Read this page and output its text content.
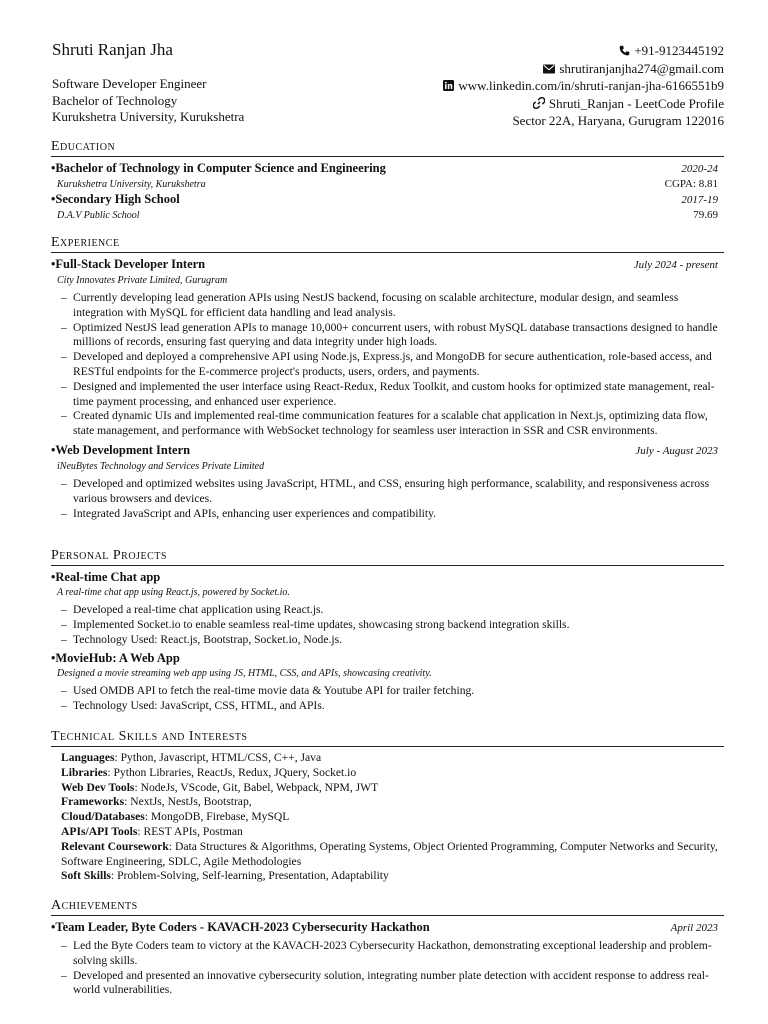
Shruti Ranjan Jha
Software Developer Engineer
Bachelor of Technology
Kurukshetra University, Kurukshetra
+91-9123445192
shrutiranjanjha274@gmail.com
www.linkedin.com/in/shruti-ranjan-jha-6166551b9
Shruti_Ranjan - LeetCode Profile
Sector 22A, Haryana, Gurugram 122016
Education
•Bachelor of Technology in Computer Science and Engineering	2020-24
Kurukshetra University, Kurukshetra	CGPA: 8.81
•Secondary High School	2017-19
D.A.V Public School	79.69
Experience
•Full-Stack Developer Intern	July 2024 - present
City Innovates Private Limited, Gurugram
– Currently developing lead generation APIs using NestJS backend, focusing on scalable architecture, modular design, and seamless integration with MySQL for efficient data handling and lead analysis.
– Optimized NestJS lead generation APIs to manage 10,000+ concurrent users, with robust MySQL database transactions designed to handle millions of records, ensuring fast querying and data integrity under high loads.
– Developed and deployed a comprehensive API using Node.js, Express.js, and MongoDB for secure authentication, role-based access, and RESTful endpoints for the E-commerce project's products, users, orders, and payments.
– Designed and implemented the user interface using React-Redux, Redux Toolkit, and custom hooks for optimized state management, real-time payment processing, and enhanced user experience.
– Created dynamic UIs and implemented real-time communication features for a scalable chat application in Next.js, optimizing data flow, state management, and performance with WebSocket technology for seamless user interaction in SSR and CSR environments.
•Web Development Intern	July - August 2023
iNeuBytes Technology and Services Private Limited
– Developed and optimized websites using JavaScript, HTML, and CSS, ensuring high performance, scalability, and responsiveness across various browsers and devices.
– Integrated JavaScript and APIs, enhancing user experiences and compatibility.
Personal Projects
•Real-time Chat app
A real-time chat app using React.js, powered by Socket.io.
– Developed a real-time chat application using React.js.
– Implemented Socket.io to enable seamless real-time updates, showcasing strong backend integration skills.
– Technology Used: React.js, Bootstrap, Socket.io, Node.js.
•MovieHub: A Web App
Designed a movie streaming web app using JS, HTML, CSS, and APIs, showcasing creativity.
– Used OMDB API to fetch the real-time movie data & Youtube API for trailer fetching.
– Technology Used: JavaScript, CSS, HTML, and APIs.
Technical Skills and Interests
Languages: Python, Javascript, HTML/CSS, C++, Java
Libraries: Python Libraries, ReactJs, Redux, JQuery, Socket.io
Web Dev Tools: NodeJs, VScode, Git, Babel, Webpack, NPM, JWT
Frameworks: NextJs, NestJs, Bootstrap,
Cloud/Databases: MongoDB, Firebase, MySQL
APIs/API Tools: REST APIs, Postman
Relevant Coursework: Data Structures & Algorithms, Operating Systems, Object Oriented Programming, Computer Networks and Security, Software Engineering, SDLC, Agile Methodologies
Soft Skills: Problem-Solving, Self-learning, Presentation, Adaptability
Achievements
•Team Leader, Byte Coders - KAVACH-2023 Cybersecurity Hackathon	April 2023
– Led the Byte Coders team to victory at the KAVACH-2023 Cybersecurity Hackathon, demonstrating exceptional leadership and problem-solving skills.
– Developed and presented an innovative cybersecurity solution, integrating number plate detection with accident response to address real-world vulnerabilities.
